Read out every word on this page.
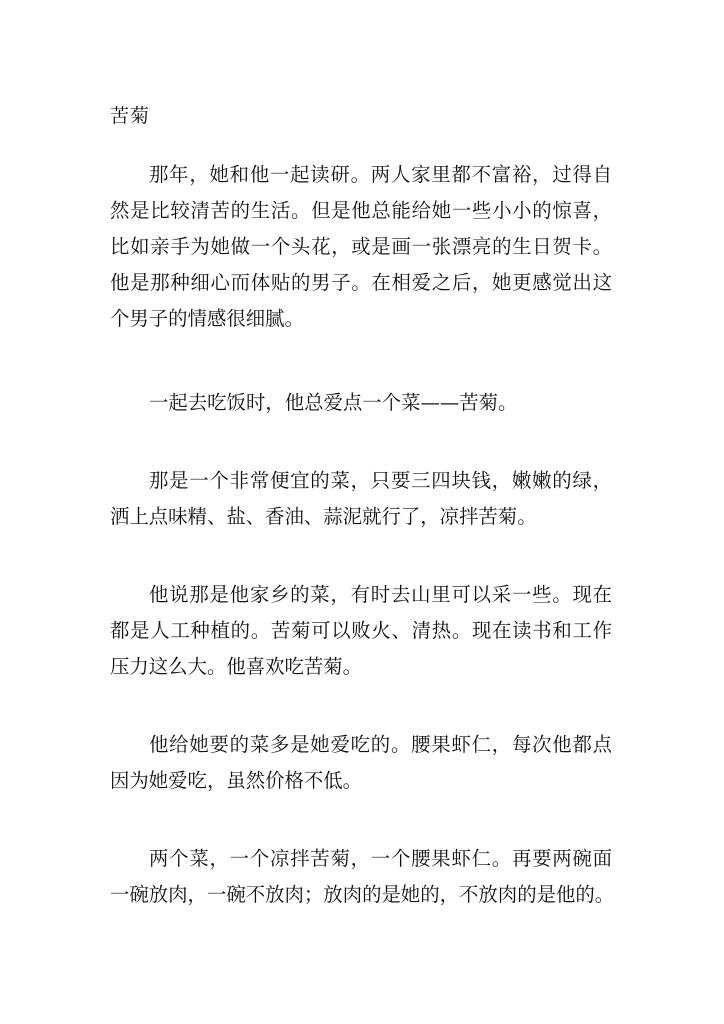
苦菊
那年，她和他一起读研。两人家里都不富裕，过得自
然是比较清苦的生活。但是他总能给她一些小小的惊喜，
比如亲手为她做一个头花，或是画一张漂亮的生日贺卡。
他是那种细心而体贴的男子。在相爱之后，她更感觉出这
个男子的情感很细腻。
一起去吃饭时，他总爱点一个菜——苦菊。
那是一个非常便宜的菜，只要三四块钱，嫩嫩的绿，
洒上点味精、盐、香油、蒜泥就行了，凉拌苦菊。
他说那是他家乡的菜，有时去山里可以采一些。现在
都是人工种植的。苦菊可以败火、清热。现在读书和工作
压力这么大。他喜欢吃苦菊。
他给她要的菜多是她爱吃的。腰果虾仁，每次他都点
因为她爱吃，虽然价格不低。
两个菜，一个凉拌苦菊，一个腰果虾仁。再要两碗面
一碗放肉，一碗不放肉；放肉的是她的，不放肉的是他的。
